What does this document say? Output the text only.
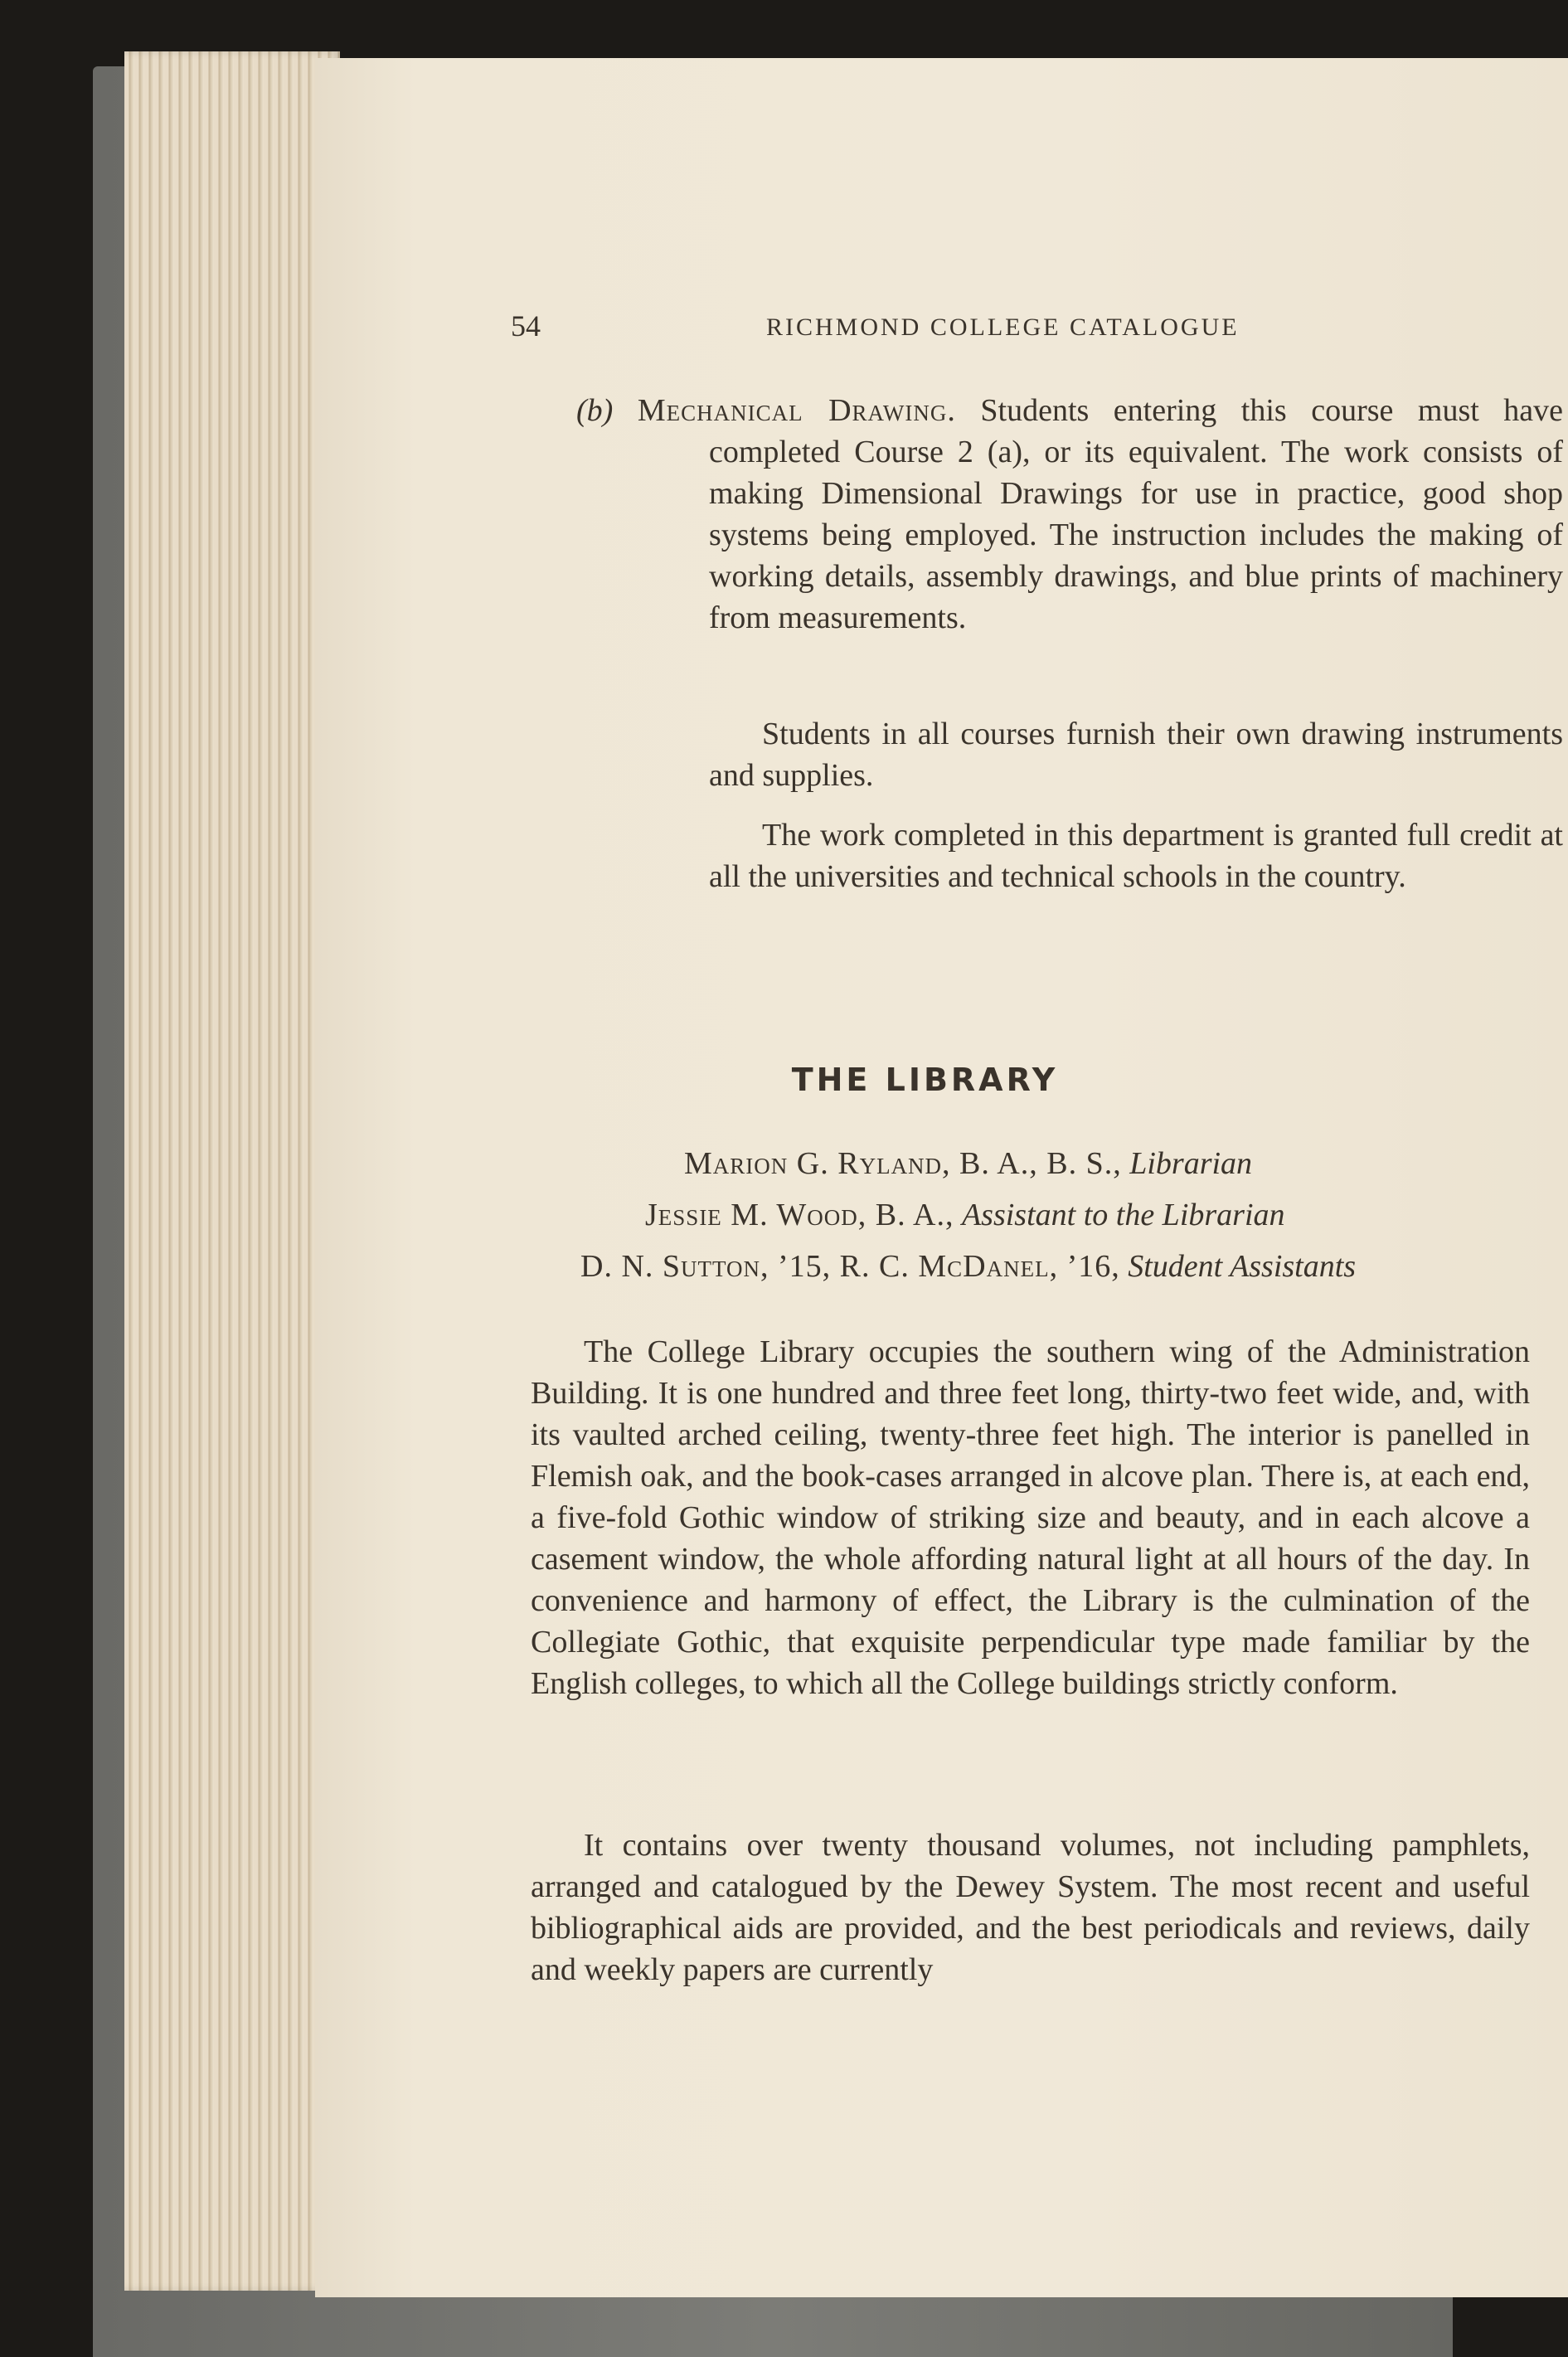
54	RICHMOND COLLEGE CATALOGUE

(b) Mechanical Drawing. Students entering this course must have completed Course 2 (a), or its equivalent. The work consists of making Dimensional Drawings for use in practice, good shop systems being employed. The instruction includes the making of working details, assembly drawings, and blue prints of machinery from measurements.

Students in all courses furnish their own drawing instruments and supplies.

The work completed in this department is granted full credit at all the universities and technical schools in the country.

THE LIBRARY
Marion G. Ryland, B. A., B. S., Librarian
Jessie M. Wood, B. A., Assistant to the Librarian
D. N. Sutton, ’15, R. C. McDanel, ’16, Student Assistants

The College Library occupies the southern wing of the Administration Building. It is one hundred and three feet long, thirty-two feet wide, and, with its vaulted arched ceiling, twenty-three feet high. The interior is panelled in Flemish oak, and the book-cases arranged in alcove plan. There is, at each end, a five-fold Gothic window of striking size and beauty, and in each alcove a casement window, the whole affording natural light at all hours of the day. In convenience and harmony of effect, the Library is the culmination of the Collegiate Gothic, that exquisite perpendicular type made familiar by the English colleges, to which all the College buildings strictly conform.

It contains over twenty thousand volumes, not including pamphlets, arranged and catalogued by the Dewey System. The most recent and useful bibliographical aids are provided, and the best periodicals and reviews, daily and weekly papers are currently
